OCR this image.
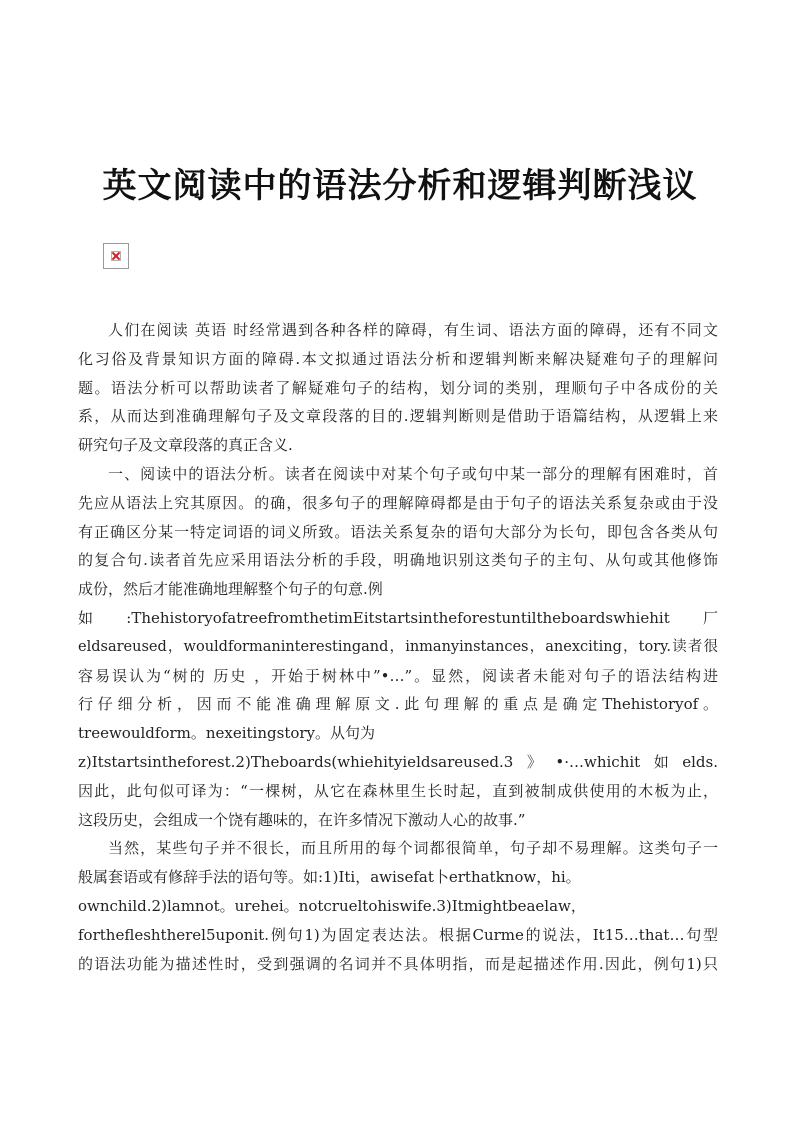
英文阅读中的语法分析和逻辑判断浅议
人们在阅读 英语 时经常遇到各种各样的障碍，有生词、语法方面的障碍，还有不同文
化习俗及背景知识方面的障碍.本文拟通过语法分析和逻辑判断来解决疑难句子的理解问
题。语法分析可以帮助读者了解疑难句子的结构，划分词的类别，理顺句子中各成份的关
系，从而达到准确理解句子及文章段落的目的.逻辑判断则是借助于语篇结构，从逻辑上来
研究句子及文章段落的真正含义.
一、阅读中的语法分析。读者在阅读中对某个句子或句中某一部分的理解有困难时，首
先应从语法上究其原因。的确，很多句子的理解障碍都是由于句子的语法关系复杂或由于没
有正确区分某一特定词语的词义所致。语法关系复杂的语句大部分为长句，即包含各类从句
的复合句.读者首先应采用语法分析的手段，明确地识别这类句子的主句、从句或其他修饰
成份，然后才能准确地理解整个句子的句意.例
如:ThehistoryofatreefromthetimEitstartsintheforestuntiltheboardswhiehit厂
eldsareused，wouldformaninterestingand，inmanyinstances，anexciting，tory.读者很
容易误认为“树的 历史 ，开始于树林中”•…”。显然，阅读者未能对句子的语法结构进
行仔细分析，因而不能准确理解原文.此句理解的重点是确定Thehistoryof。
treewouldform。nexeitingstory。从句为
z)Itstartsintheforest.2)Theboards(whiehityieldsareused.3》•·…whichit如elds.
因此，此句似可译为：“一棵树，从它在森林里生长时起，直到被制成供使用的木板为止，
这段历史，会组成一个饶有趣味的，在许多情况下激动人心的故事.”
当然，某些句子并不很长，而且所用的每个词都很简单，句子却不易理解。这类句子一
般属套语或有修辞手法的语句等。如:1)Iti，awisefat卜erthatknow，hi。
ownchild.2)lamnot。urehei。notcrueltohiswife.3)Itmightbeaelaw，
forthefleshtherel5uponit.例句1)为固定表达法。根据Curme的说法，It15…that…句型
的语法功能为描述性时，受到强调的名词并不具体明指，而是起描述作用.因此，例句1)只
